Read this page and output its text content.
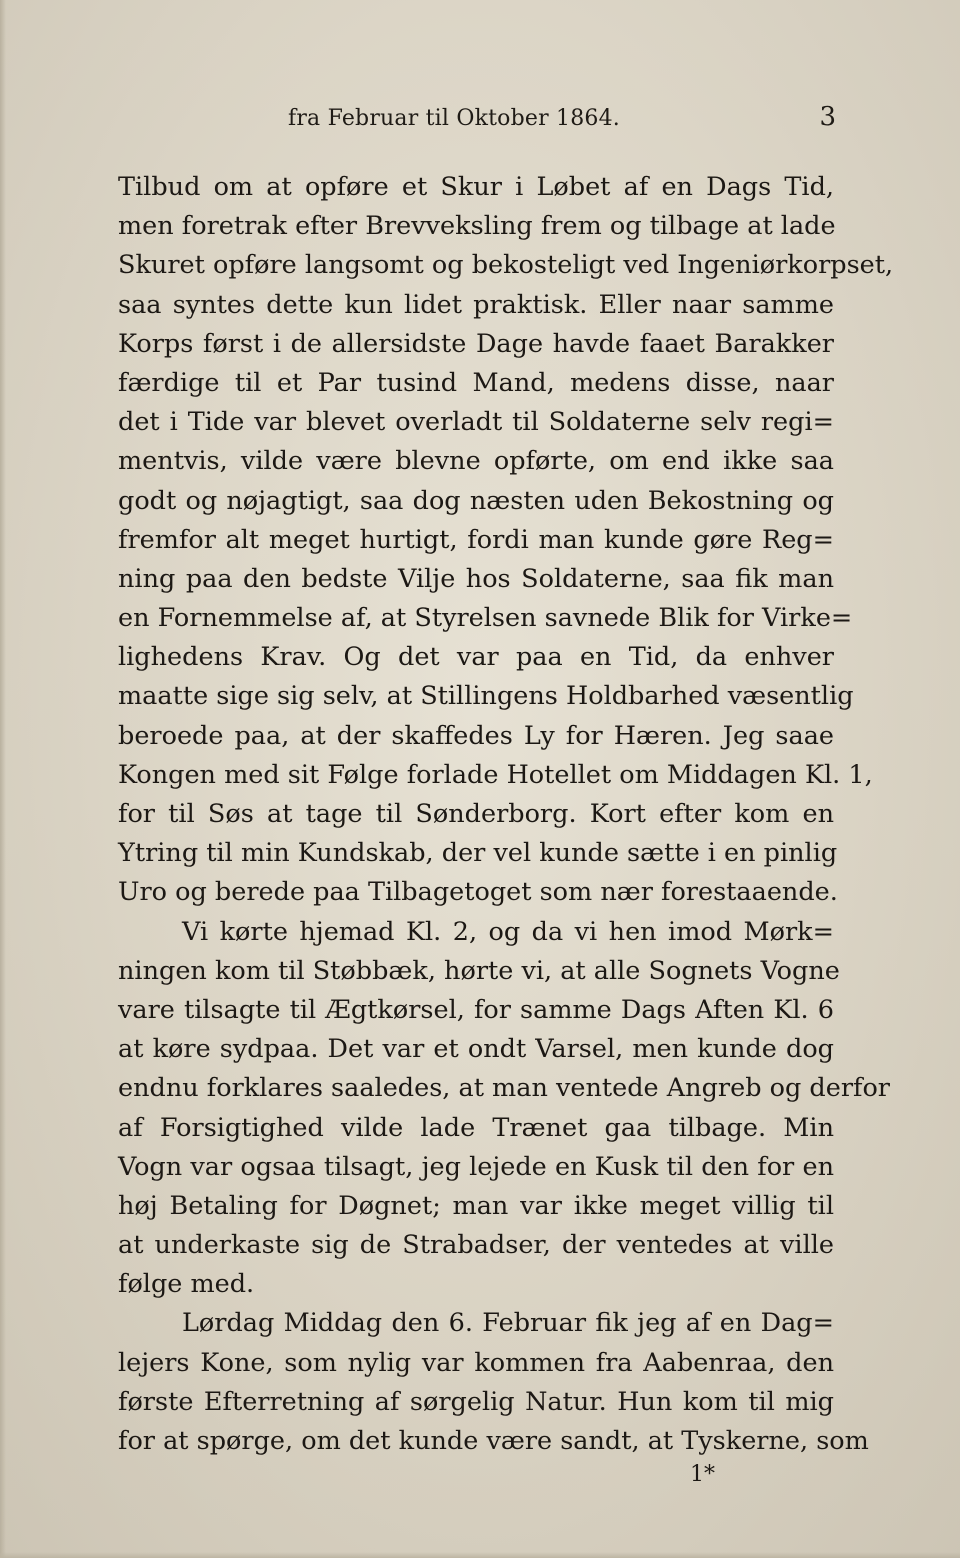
fra Februar til Oktober 1864.	3
Tilbud om at opføre et Skur i Løbet af en Dags Tid,
men foretrak efter Brevveksling frem og tilbage at lade
Skuret opføre langsomt og bekosteligt ved Ingeniørkorpset,
saa syntes dette kun lidet praktisk. Eller naar samme
Korps først i de allersidste Dage havde faaet Barakker
færdige til et Par tusind Mand, medens disse, naar
det i Tide var blevet overladt til Soldaterne selv regi=
mentvis, vilde være blevne opførte, om end ikke saa
godt og nøjagtigt, saa dog næsten uden Bekostning og
fremfor alt meget hurtigt, fordi man kunde gøre Reg=
ning paa den bedste Vilje hos Soldaterne, saa fik man
en Fornemmelse af, at Styrelsen savnede Blik for Virke=
lighedens Krav. Og det var paa en Tid, da enhver
maatte sige sig selv, at Stillingens Holdbarhed væsentlig
beroede paa, at der skaffedes Ly for Hæren. Jeg saae
Kongen med sit Følge forlade Hotellet om Middagen Kl. 1,
for til Søs at tage til Sønderborg. Kort efter kom en
Ytring til min Kundskab, der vel kunde sætte i en pinlig
Uro og berede paa Tilbagetoget som nær forestaaende.
Vi kørte hjemad Kl. 2, og da vi hen imod Mørk=
ningen kom til Støbbæk, hørte vi, at alle Sognets Vogne
vare tilsagte til Ægtkørsel, for samme Dags Aften Kl. 6
at køre sydpaa. Det var et ondt Varsel, men kunde dog
endnu forklares saaledes, at man ventede Angreb og derfor
af Forsigtighed vilde lade Trænet gaa tilbage. Min
Vogn var ogsaa tilsagt, jeg lejede en Kusk til den for en
høj Betaling for Døgnet; man var ikke meget villig til
at underkaste sig de Strabadser, der ventedes at ville
følge med.
Lørdag Middag den 6. Februar fik jeg af en Dag=
lejers Kone, som nylig var kommen fra Aabenraa, den
første Efterretning af sørgelig Natur. Hun kom til mig
for at spørge, om det kunde være sandt, at Tyskerne, som
1*
